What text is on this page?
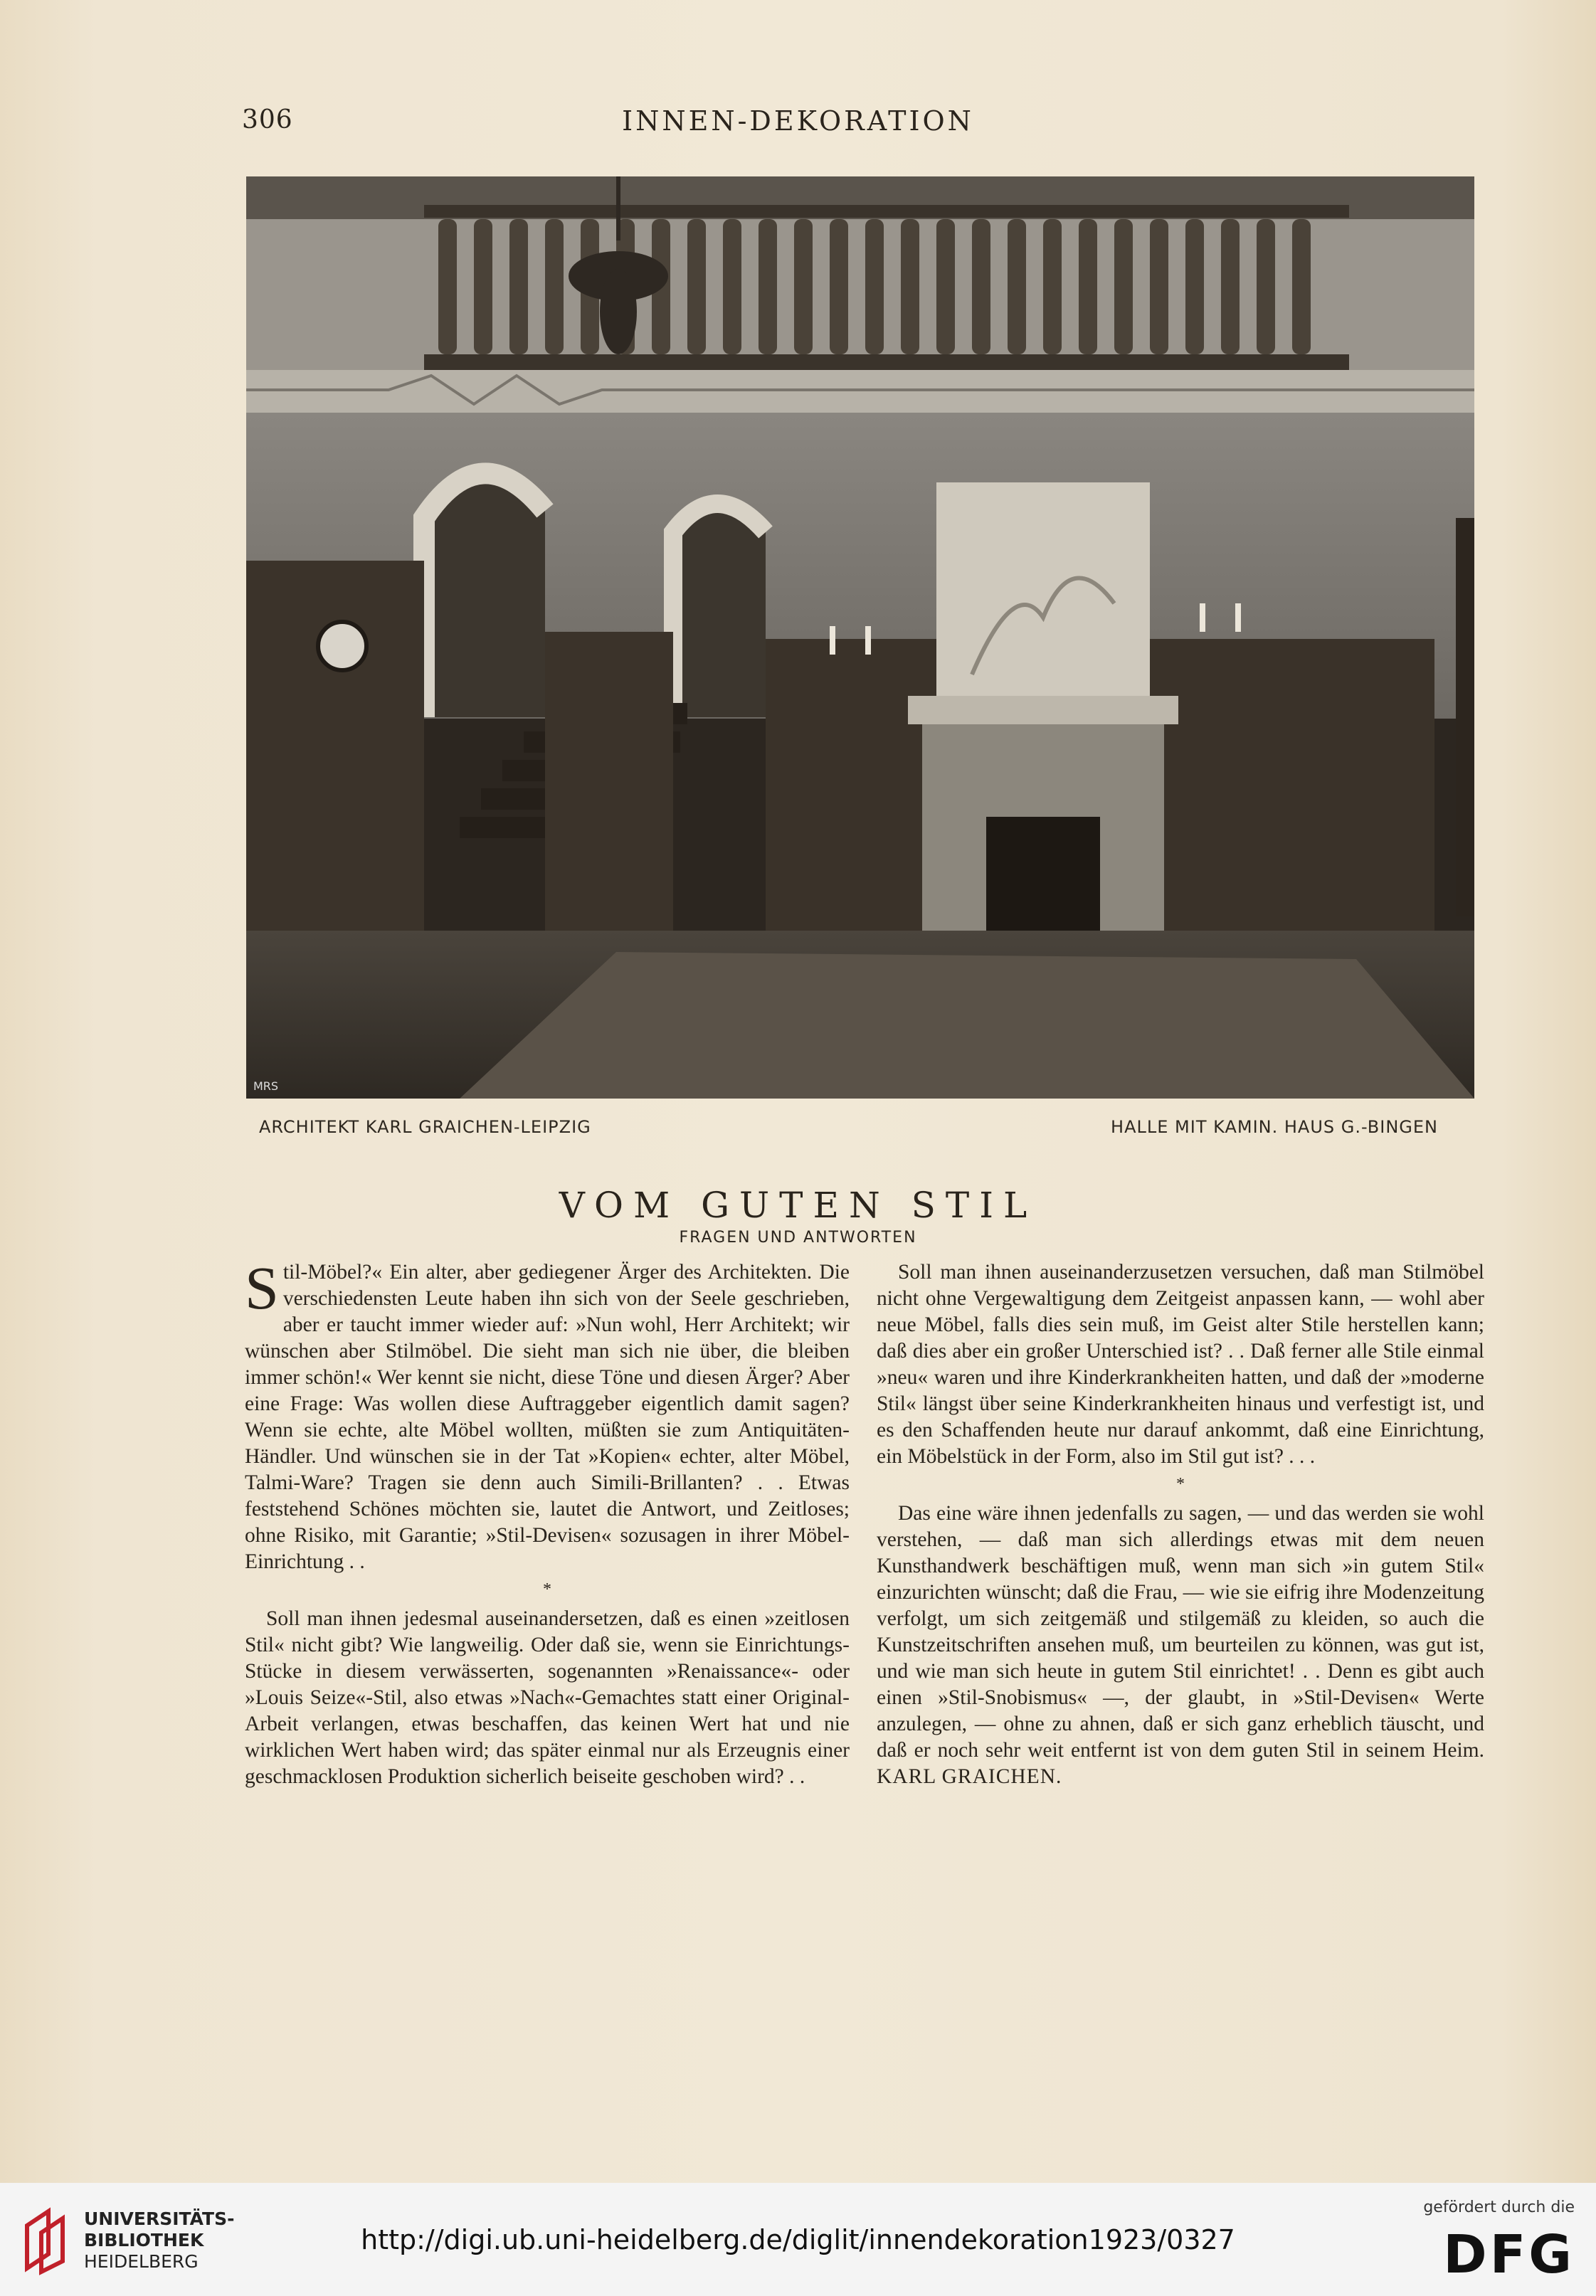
306	INNEN-DEKORATION
MRS
ARCHITEKT KARL GRAICHEN-LEIPZIG	HALLE MIT KAMIN. HAUS G.-BINGEN
VOM GUTEN STIL
FRAGEN UND ANTWORTEN

Stil-Möbel?« Ein alter, aber gediegener Ärger des Architekten. Die verschiedensten Leute haben ihn sich von der Seele geschrieben, aber er taucht immer wieder auf: »Nun wohl, Herr Architekt; wir wünschen aber Stilmöbel. Die sieht man sich nie über, die bleiben immer schön!« Wer kennt sie nicht, diese Töne und diesen Ärger? Aber eine Frage: Was wollen diese Auftraggeber eigentlich damit sagen? Wenn sie echte, alte Möbel wollten, müßten sie zum Antiquitäten-Händler. Und wünschen sie in der Tat »Kopien« echter, alter Möbel, Talmi-Ware? Tragen sie denn auch Simili-Brillanten? . . Etwas feststehend Schönes möchten sie, lautet die Antwort, und Zeitloses; ohne Risiko, mit Garantie; »Stil-Devisen« sozusagen in ihrer Möbel-Einrichtung . .

*

Soll man ihnen jedesmal auseinandersetzen, daß es einen »zeitlosen Stil« nicht gibt? Wie langweilig. Oder daß sie, wenn sie Einrichtungs-Stücke in diesem verwässerten, sogenannten »Renaissance«- oder »Louis Seize«-Stil, also etwas »Nach«-Gemachtes statt einer Original-Arbeit verlangen, etwas beschaffen, das keinen Wert hat und nie wirklichen Wert haben wird; das später einmal nur als Erzeugnis einer geschmacklosen Produktion sicherlich beiseite geschoben wird? . .

Soll man ihnen auseinanderzusetzen versuchen, daß man Stilmöbel nicht ohne Vergewaltigung dem Zeitgeist anpassen kann, — wohl aber neue Möbel, falls dies sein muß, im Geist alter Stile herstellen kann; daß dies aber ein großer Unterschied ist? . . Daß ferner alle Stile einmal »neu« waren und ihre Kinderkrankheiten hatten, und daß der »moderne Stil« längst über seine Kinderkrankheiten hinaus und verfestigt ist, und es den Schaffenden heute nur darauf ankommt, daß eine Einrichtung, ein Möbelstück in der Form, also im Stil gut ist? . . .

*

Das eine wäre ihnen jedenfalls zu sagen, — und das werden sie wohl verstehen, — daß man sich allerdings etwas mit dem neuen Kunsthandwerk beschäftigen muß, wenn man sich »in gutem Stil« einzurichten wünscht; daß die Frau, — wie sie eifrig ihre Modenzeitung verfolgt, um sich zeitgemäß und stilgemäß zu kleiden, so auch die Kunstzeitschriften ansehen muß, um beurteilen zu können, was gut ist, und wie man sich heute in gutem Stil einrichtet! . . Denn es gibt auch einen »Stil-Snobismus« —, der glaubt, in »Stil-Devisen« Werte anzulegen, — ohne zu ahnen, daß er sich ganz erheblich täuscht, und daß er noch sehr weit entfernt ist von dem guten Stil in seinem Heim. KARL GRAICHEN.

UNIVERSITÄTS-
BIBLIOTHEK
HEIDELBERG
http://digi.ub.uni-heidelberg.de/diglit/innendekoration1923/0327
gefördert durch die
DFG
